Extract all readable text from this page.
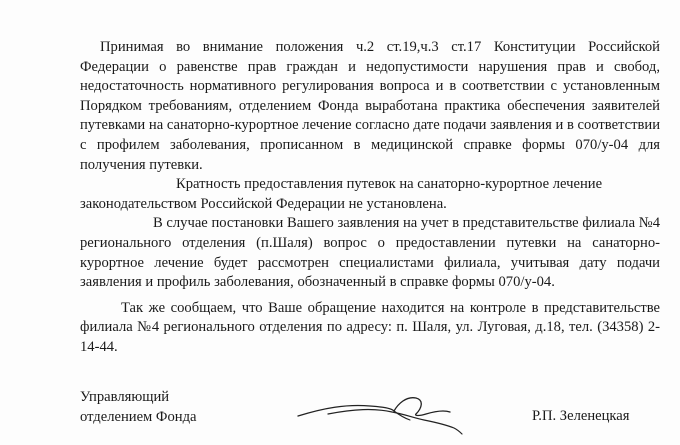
Принимая во внимание положения ч.2 ст.19,ч.3 ст.17 Конституции Российской Федерации о равенстве прав граждан и недопустимости нарушения прав и свобод, недостаточность нормативного регулирования вопроса и в соответствии с установленным Порядком требованиям, отделением Фонда выработана практика обеспечения заявителей путевками на санаторно-курортное лечение согласно дате подачи заявления и в соответствии с профилем заболевания, прописанном в медицинской справке формы 070/у-04 для получения путевки.

Кратность предоставления путевок на санаторно-курортное лечение законодательством Российской Федерации не установлена.

В случае постановки Вашего заявления на учет в представительстве филиала №4 регионального отделения (п.Шаля) вопрос о предоставлении путевки на санаторно-курортное лечение будет рассмотрен специалистами филиала, учитывая дату подачи заявления и профиль заболевания, обозначенный в справке формы 070/у-04.

Так же сообщаем, что Ваше обращение находится на контроле в представительстве филиала №4 регионального отделения по адресу: п. Шаля, ул. Луговая, д.18, тел. (34358) 2-14-44.

Управляющий
отделением Фонда	Р.П. Зеленецкая
